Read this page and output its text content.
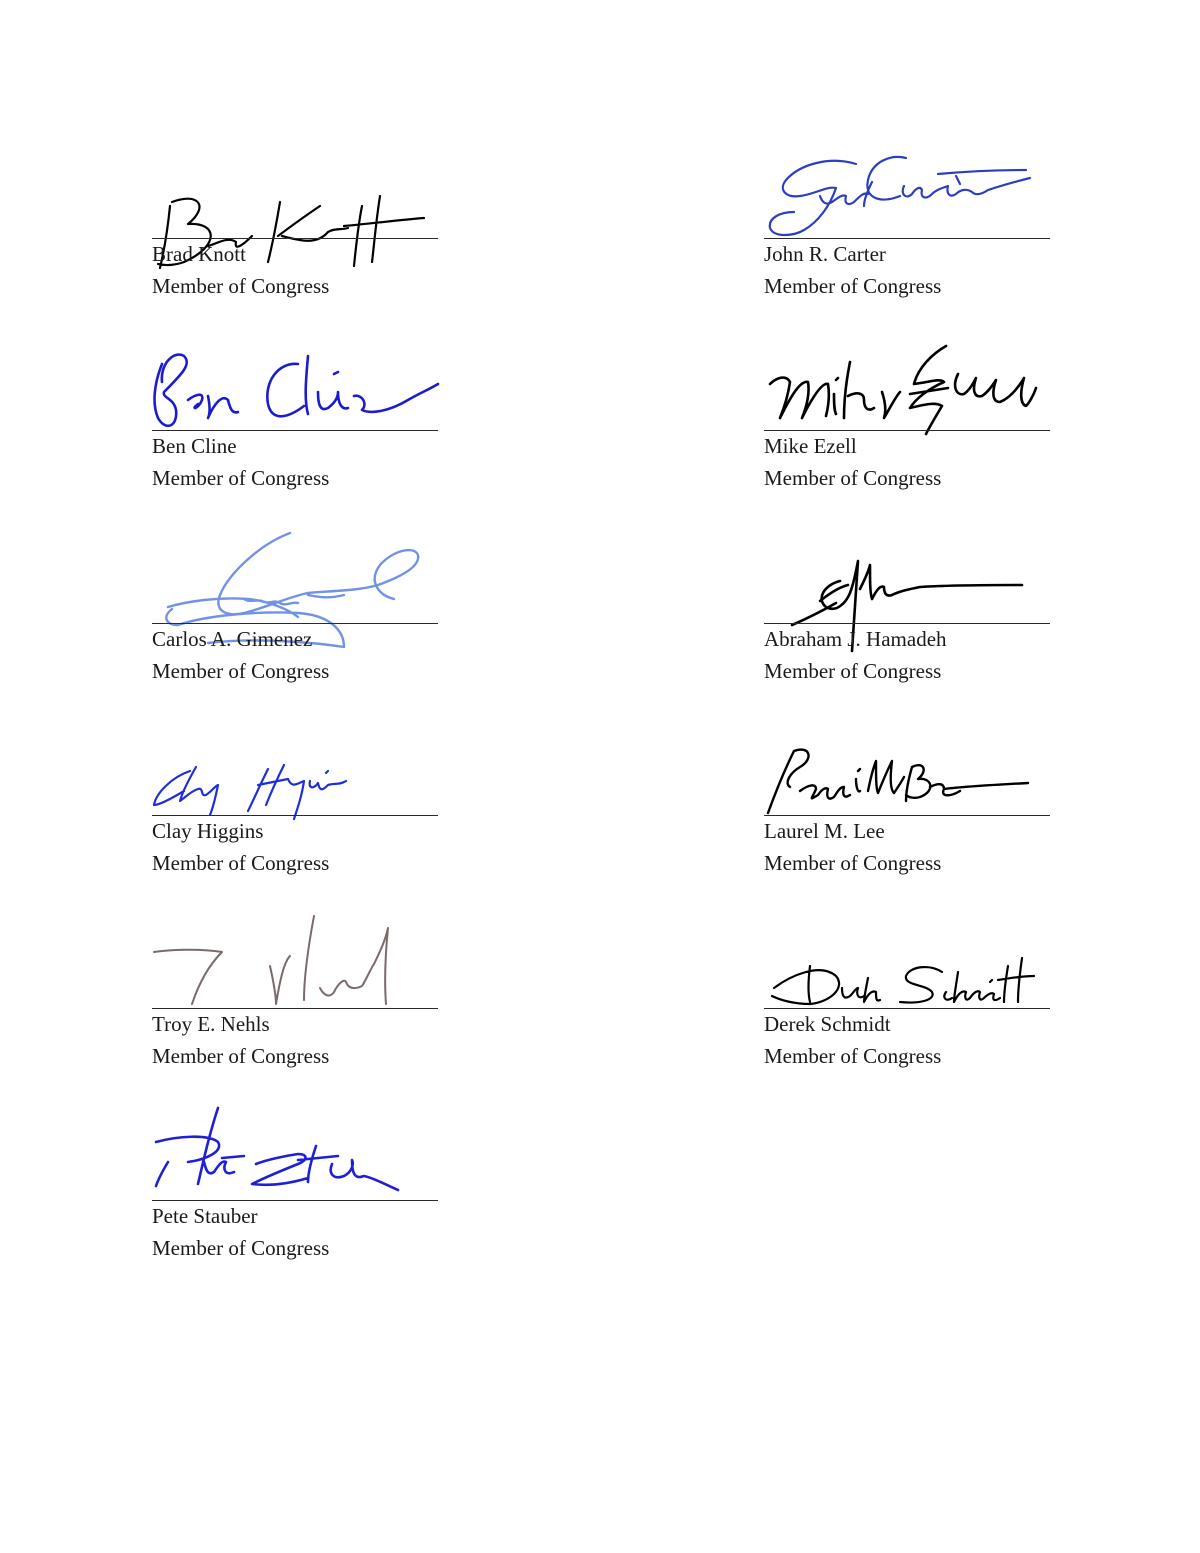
Brad Knott
Member of Congress
Ben Cline
Member of Congress
Carlos A. Gimenez
Member of Congress
Clay Higgins
Member of Congress
Troy E. Nehls
Member of Congress
Pete Stauber
Member of Congress
John R. Carter
Member of Congress
Mike Ezell
Member of Congress
Abraham J. Hamadeh
Member of Congress
Laurel M. Lee
Member of Congress
Derek Schmidt
Member of Congress
